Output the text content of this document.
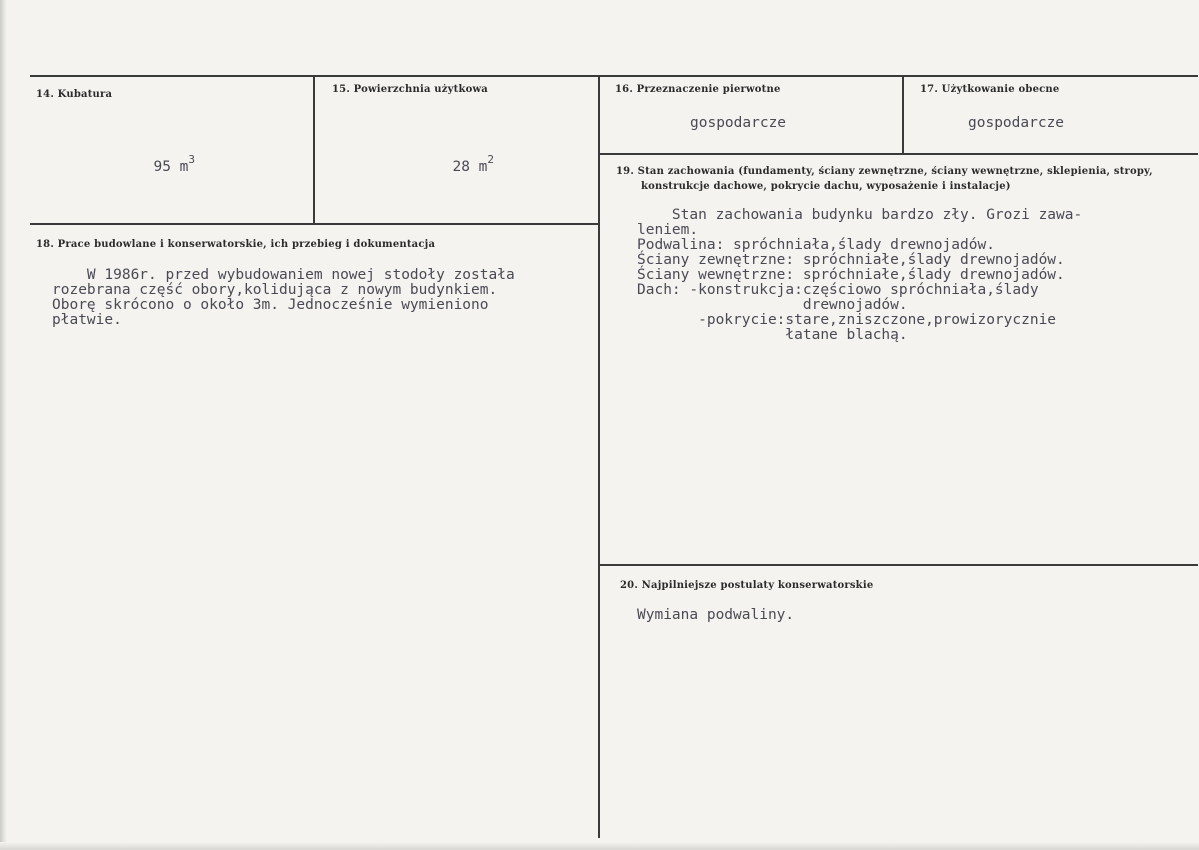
14. Kubatura

95 $m^3$

15. Powierzchnia użytkowa

28 $m^2$

16. Przeznaczenie pierwotne
gospodarcze
17. Użytkowanie obecne
gospodarcze
18. Prace budowlane i konserwatorskie, ich przebieg i dokumentacja
W 1986r. przed wybudowaniem nowej stodoły została
rozebrana część obory,kolidująca z nowym budynkiem.
Oborę skrócono o około 3m. Jednocześnie wymieniono
płatwie.
19. Stan zachowania (fundamenty, ściany zewnętrzne, ściany wewnętrzne, sklepienia, stropy,
konstrukcje dachowe, pokrycie dachu, wyposażenie i instalacje)
Stan zachowania budynku bardzo zły. Grozi zawa-
leniem.
Podwalina: spróchniała,ślady drewnojadów.
Ściany zewnętrzne: spróchniałe,ślady drewnojadów.
Ściany wewnętrzne: spróchniałe,ślady drewnojadów.
Dach: -konstrukcja:częściowo spróchniała,ślady
drewnojadów.
-pokrycie:stare,zniszczone,prowizorycznie
łatane blachą.
20. Najpilniejsze postulaty konserwatorskie
Wymiana podwaliny.
